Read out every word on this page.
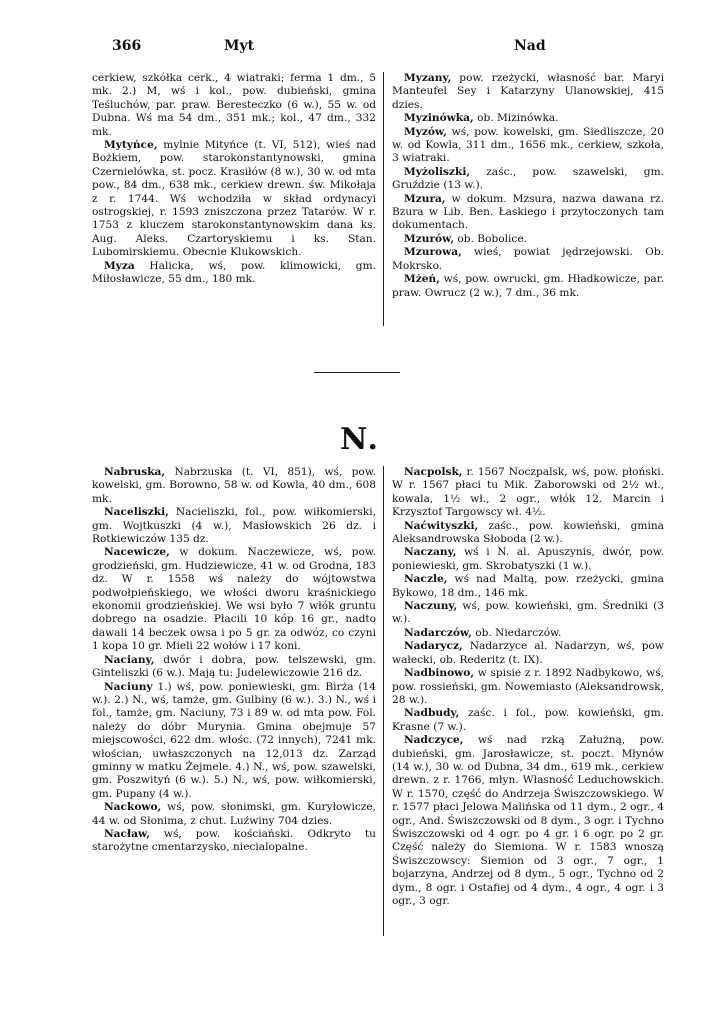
366	Myt	Nad

cerkiew, szkółka cerk., 4 wiatraki; ferma 1 dm., 5 mk. 2.) M, wś i kol., pow. dubieński, gmina Teśluchów, par. praw. Beresteczko (6 w.), 55 w. od Dubna. Wś ma 54 dm., 351 mk.; kol., 47 dm., 332 mk.

Mytyńce, mylnie Mityńce (t. VI, 512), wieś nad Bożkiem, pow. starokonstantynowski, gmina Czernielówka, st. pocz. Krasiłów (8 w.), 30 w. od mta pow., 84 dm., 638 mk., cerkiew drewn. św. Mikołaja z r. 1744. Wś wchodziła w skład ordynacyi ostrogskiej, r. 1593 zniszczona przez Tatarów. W r. 1753 z kluczem starokonstantynowskim dana ks. Aug. Aleks. Czartoryskiemu i ks. Stan. Lubomirskiemu. Obecnie Klukowskich.

Myza Halicka, wś, pow. klimowicki, gm. Miłosławicze, 55 dm., 180 mk.

Myzany, pow. rzeżycki, własność bar. Maryi Manteufel Sey i Katarzyny Ulanowskiej, 415 dzies.

Myzinówka, ob. Mizinówka.

Myzów, wś, pow. kowelski, gm. Siedliszcze, 20 w. od Kowla, 311 dm., 1656 mk., cerkiew, szkoła, 3 wiatraki.

Myżoliszki, zaśc., pow. szawelski, gm. Gruździe (13 w.).

Mzura, w dokum. Mzsura, nazwa dawana rz. Bzura w Lib. Ben. Łaskiego i przytoczonych tam dokumentach.

Mzurów, ob. Bobolice.

Mzurowa, wieś, powiat jędrzejowski. Ob. Mokrsko.

Mżeń, wś, pow. owrucki, gm. Hładkowicze, par. praw. Owrucz (2 w.), 7 dm., 36 mk.

N.

Nabruska, Nabrzuska (t. VI, 851), wś, pow. kowelski, gm. Borowno, 58 w. od Kowla, 40 dm., 608 mk.

Naceliszki, Nacieliszki, fol., pow. wiłkomierski, gm. Wojtkuszki (4 w.), Masłowskich 26 dz. i Rotkiewiczów 135 dz.

Nacewicze, w dokum. Naczewicze, wś, pow. grodzieński, gm. Hudziewicze, 41 w. od Grodna, 183 dz. W r. 1558 wś należy do wójtowstwa podwołpieńskiego, we włości dworu kraśnickiego ekonomii grodzieńskiej. We wsi było 7 włók gruntu dobrego na osadzie. Płacili 10 kóp 16 gr., nadto dawali 14 beczek owsa i po 5 gr. za odwóz, co czyni 1 kopa 10 gr. Mieli 22 wołów i 17 koni.

Naciany, dwór i dobra, pow. telszewski, gm. Ginteliszki (6 w.). Mają tu: Judelewiczowie 216 dz.

Naciuny 1.) wś, pow. poniewieski, gm. Birża (14 w.). 2.) N., wś, tamże, gm. Gulbiny (6 w.). 3.) N., wś i fol., tamże, gm. Naciuny, 73 i 89 w. od mta pow. Fol. należy do dóbr Murynia. Gmina obejmuje 57 miejscowości, 622 dm. włośc. (72 innych), 7241 mk. włościan, uwłaszczonych na 12,013 dz. Zarząd gminny w matku Żejmele. 4.) N., wś, pow. szawelski, gm. Poszwityń (6 w.). 5.) N., wś, pow. wiłkomierski, gm. Pupany (4 w.).

Nackowo, wś, pow. słonimski, gm. Kuryłowicze, 44 w. od Słonima, z chut. Luźwiny 704 dzies.

Nacław, wś, pow. kościański. Odkryto tu starożytne cmentarzysko, niecialopalne.

Nacpolsk, r. 1567 Noczpalsk, wś, pow. płoński. W r. 1567 płaci tu Mik. Zaborowski od 2½ wł., kowala, 1½ wł., 2 ogr., włók 12. Marcin i Krzysztof Targowscy wł. 4½.

Naćwityszki, zaśc., pow. kowieński, gmina Aleksandrowska Słoboda (2 w.).

Naczany, wś i N. al. Apuszynis, dwór, pow. poniewieski, gm. Skrobatyszki (1 w.).

Naczle, wś nad Maltą, pow. rzeżycki, gmina Bykowo, 18 dm., 146 mk.

Naczuny, wś, pow. kowieński, gm. Średniki (3 w.).

Nadarczów, ob. Niedarczów.

Nadarycz, Nadarzyce al. Nadarzyn, wś, pow wałecki, ob. Rederitz (t. IX).

Nadbinowo, w spisie z r. 1892 Nadbykowo, wś, pow. rossieński, gm. Nowemiasto (Aleksandrowsk, 28 w.).

Nadbudy, zaśc. i fol., pow. kowieński, gm. Krasne (7 w.).

Nadczyce, wś nad rzką Załużną, pow. dubieński, gm. Jarosławicze, st. poczt. Młynów (14 w.), 30 w. od Dubna, 34 dm., 619 mk., cerkiew drewn. z r. 1766, młyn. Własność Leduchowskich. W r. 1570, część do Andrzeja Świszczowskiego. W r. 1577 płaci Jelowa Malińska od 11 dym., 2 ogr., 4 ogr., And. Świszczowski od 8 dym., 3 ogr. i Tychno Świszczowski od 4 ogr. po 4 gr. i 6 ogr. po 2 gr. Część należy do Siemiona. W r. 1583 wnoszą Świszczowscy: Siemion od 3 ogr., 7 ogr., 1 bojarzyna, Andrzej od 8 dym., 5 ogr., Tychno od 2 dym., 8 ogr. i Ostafiej od 4 dym., 4 ogr., 4 ogr. i 3 ogr., 3 ogr.
